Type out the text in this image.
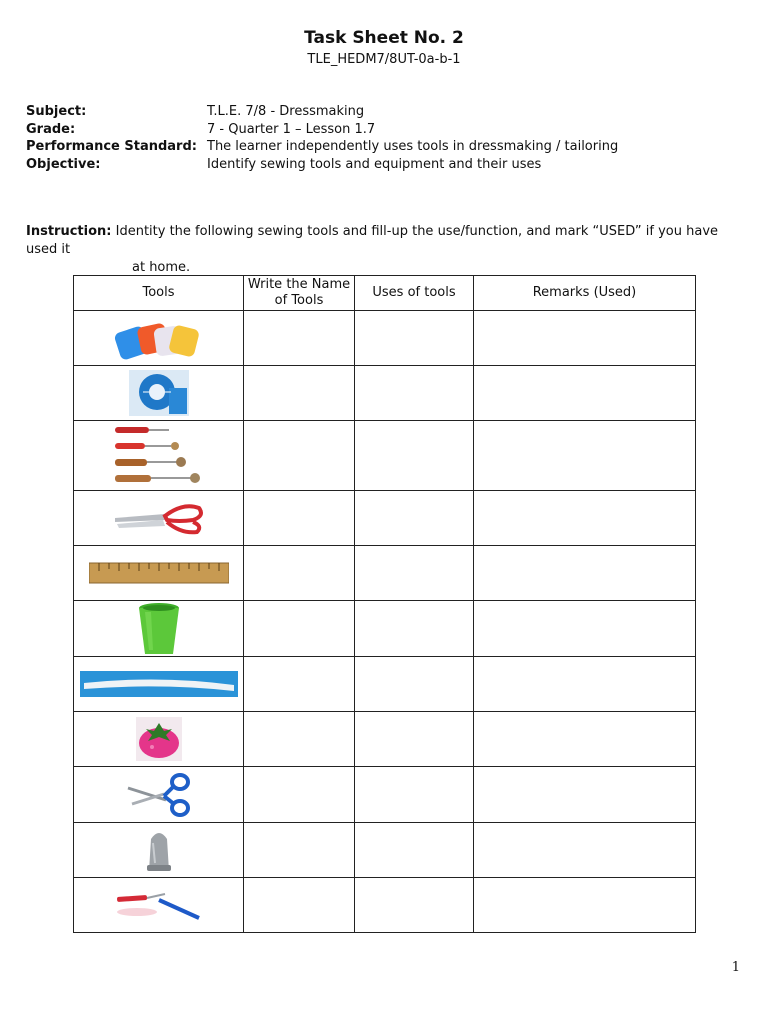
Task Sheet No. 2
TLE_HEDM7/8UT-0a-b-1
Subject:	T.L.E. 7/8 - Dressmaking
Grade:	7 - Quarter 1 – Lesson 1.7
Performance Standard: The learner independently uses tools in dressmaking / tailoring
Objective:	Identify sewing tools and equipment and their uses
Instruction: Identity the following sewing tools and fill-up the use/function, and mark “USED” if you have used it
at home.
Tools	Write the Name of Tools	Uses of tools	Remarks (Used)

1
